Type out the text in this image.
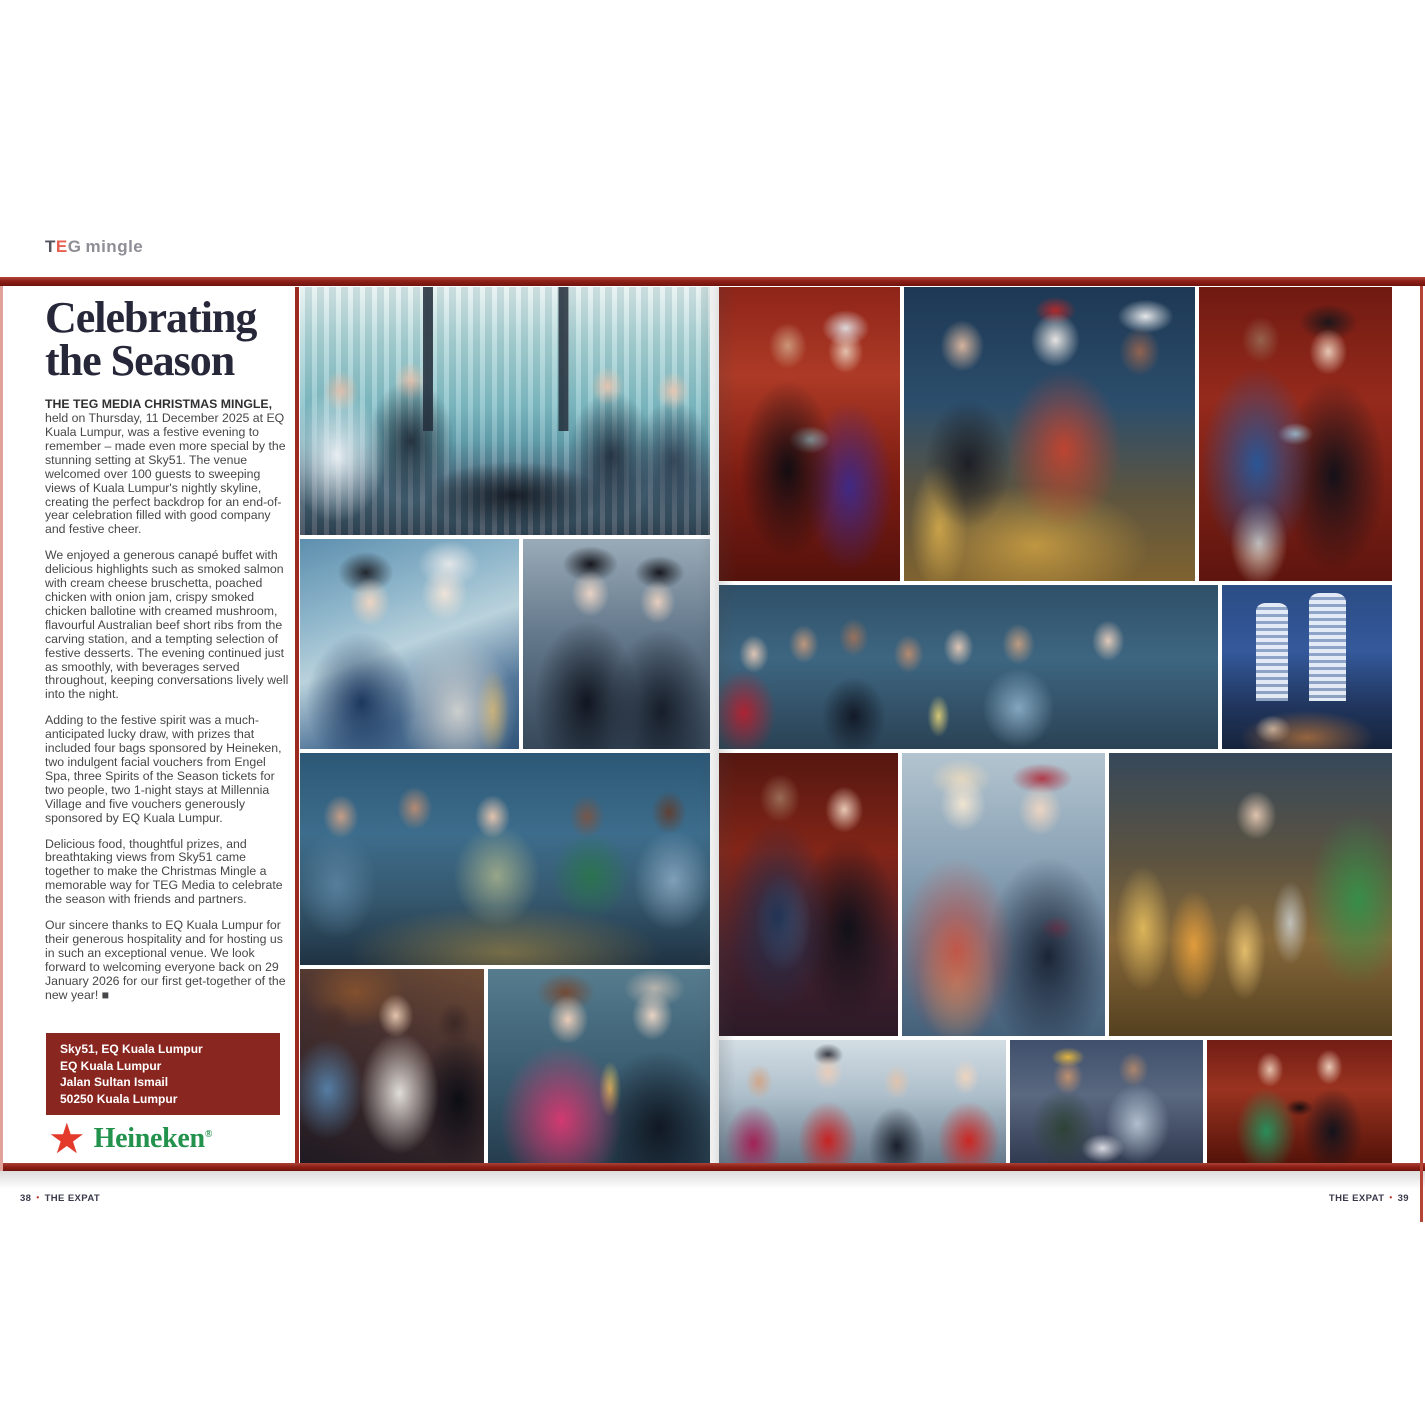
TEG mingle
Celebrating
the Season

THE TEG MEDIA CHRISTMAS MINGLE, held on Thursday, 11 December 2025 at EQ Kuala Lumpur, was a festive evening to remember – made even more special by the stunning setting at Sky51. The venue welcomed over 100 guests to sweeping views of Kuala Lumpur's nightly skyline, creating the perfect backdrop for an end-of-year celebration filled with good company and festive cheer.

We enjoyed a generous canapé buffet with delicious highlights such as smoked salmon with cream cheese bruschetta, poached chicken with onion jam, crispy smoked chicken ballotine with creamed mushroom, flavourful Australian beef short ribs from the carving station, and a tempting selection of festive desserts. The evening continued just as smoothly, with beverages served throughout, keeping conversations lively well into the night.

Adding to the festive spirit was a much-anticipated lucky draw, with prizes that included four bags sponsored by Heineken, two indulgent facial vouchers from Engel Spa, three Spirits of the Season tickets for two people, two 1-night stays at Millennia Village and five vouchers generously sponsored by EQ Kuala Lumpur.

Delicious food, thoughtful prizes, and breathtaking views from Sky51 came together to make the Christmas Mingle a memorable way for TEG Media to celebrate the season with friends and partners.

Our sincere thanks to EQ Kuala Lumpur for their generous hospitality and for hosting us in such an exceptional venue. We look forward to welcoming everyone back on 29 January 2026 for our first get-together of the new year! ■

Sky51, EQ Kuala Lumpur
EQ Kuala Lumpur
Jalan Sultan Ismail
50250 Kuala Lumpur
★ Heineken®
38 • THE EXPAT	THE EXPAT • 39
